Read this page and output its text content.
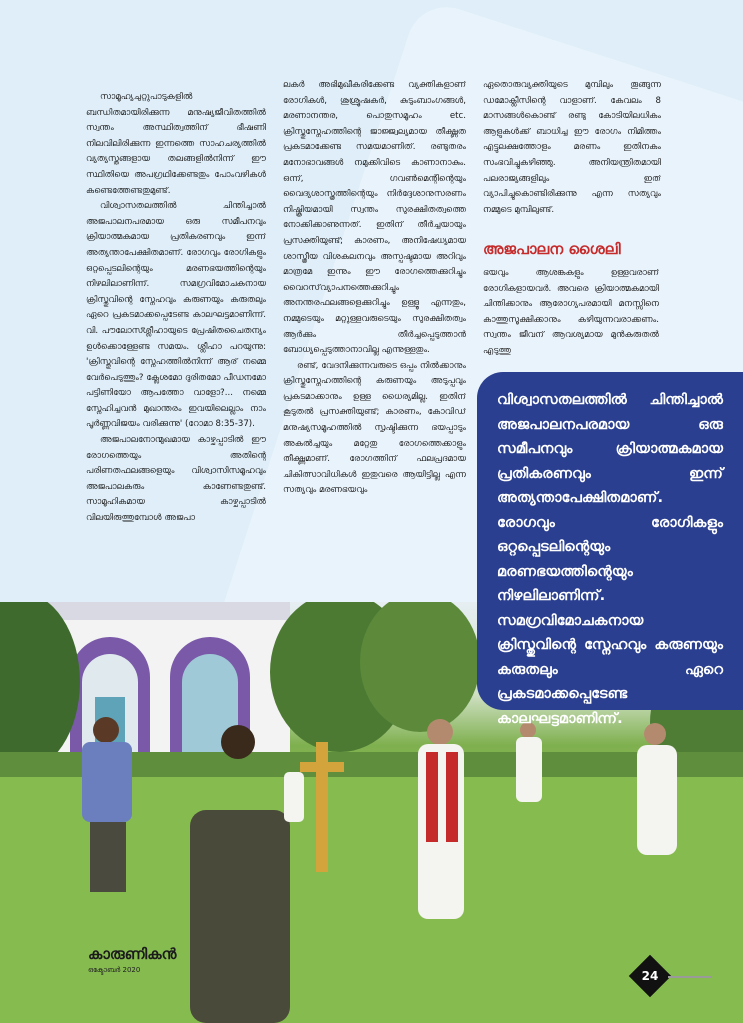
സാമൂഹ്യചുറ്റുപാടുകളില്‍ ബന്ധിതമായിരിക്കുന്ന മനുഷ്യജീവിതത്തില്‍ സ്വന്തം അസ്ഥിത്വത്തിന് ഭീഷണി നിലവിലിരിക്കുന്ന ഇന്നത്തെ സാഹചര്യത്തില്‍ വ്യത്യസ്തങ്ങളായ തലങ്ങളില്‍നിന്ന് ഈ സ്ഥിതിയെ അപഗ്രഥിക്കേണ്ടതും പോംവഴികള്‍ കണ്ടെത്തേണ്ടതുമുണ്ട്.

വിശ്വാസതലത്തില്‍ ചിന്തിച്ചാല്‍ അജപാലനപരമായ ഒരു സമീപനവും ക്രിയാത്മകമായ പ്രതികരണവും ഇന്ന് അത്യന്താപേക്ഷിതമാണ്. രോഗവും രോഗികളും ഒറ്റപ്പെടലിന്റെയും മരണഭയത്തിന്റെയും നിഴലിലാണിന്ന്. സമഗ്രവിമോചകനായ ക്രിസ്തുവിന്റെ സ്നേഹവും കരുണയും കരുതലും ഏറെ പ്രകടമാക്കപ്പെടേണ്ട കാലഘട്ടമാണിന്ന്. വി. പൗലോസ്ശ്ലീഹായുടെ പ്രേഷിതചൈതന്യം ഉള്‍ക്കൊള്ളേണ്ട സമയം. ശ്ലീഹാ പറയുന്നു: 'ക്രിസ്തുവിന്റെ സ്നേഹത്തില്‍നിന്ന് ആര് നമ്മെ വേര്‍പെടുത്തും? ക്ലേശമോ ദുരിതമോ പീഡനമോ പട്ടിണിയോ ആപത്തോ വാളോ?... നമ്മെ സ്നേഹിച്ചവന്‍ മുഖാന്തരം ഇവയിലെല്ലാം നാം പൂര്‍ണ്ണവിജയം വരിക്കുന്നു' (റോമാ 8:35-37).

അജപാലനോന്മുഖമായ കാഴ്ചപ്പാടില്‍ ഈ രോഗത്തെയും അതിന്റെ പരിണതഫലങ്ങളെയും വിശ്വാസിസമൂഹവും അജപാലകരും കാണേണ്ടതുണ്ട്. സാമൂഹികമായ കാഴ്ചപ്പാടില്‍ വിലയിരുത്തുമ്പോള്‍ അജപാ

ലകര്‍ അഭിമുഖീകരിക്കേണ്ട വ്യക്തികളാണ് രോഗികള്‍, ശുശ്രൂഷകര്‍, കുടുംബാംഗങ്ങള്‍, മരണാനന്തര, പൊതുസമൂഹം etc. ക്രിസ്തുസ്നേഹത്തിന്റെ ജാജ്ജ്വല്യമായ തീക്ഷ്ണത പ്രകടമാക്കേണ്ട സമയമാണിത്. രണ്ടുതരം മനോഭാവങ്ങള്‍ നമുക്കിവിടെ കാണാനാകും. ഒന്ന്, ഗവണ്‍മെന്റിന്റെയും വൈദ്യശാസ്ത്രത്തിന്റെയും നിര്‍ദ്ദേശാനുസരണം നിഷ്ക്രിയമായി സ്വന്തം സുരക്ഷിതത്വത്തെ നോക്കിക്കാണുന്നത്. ഇതിന് തീര്‍ച്ചയായും പ്രസക്തിയുണ്ട്; കാരണം, അനിഷേധ്യമായ ശാസ്ത്രീയ വിശകലനവും അസ്പഷ്ടമായ അറിവും മാത്രമേ ഇന്നും ഈ രോഗത്തെക്കുറിച്ചും വൈറസ്‌വ്യാപനത്തെക്കുറിച്ചും അനന്തരഫലങ്ങളെക്കുറിച്ചും ഉള്ളൂ എന്നതും, നമ്മുടെയും മറ്റുള്ളവരുടെയും സുരക്ഷിതത്വം ആര്‍ക്കും തീര്‍ച്ചപ്പെടുത്താന്‍ ബോധ്യപ്പെടുത്താനാവില്ല എന്നുള്ളതും.

രണ്ട്, വേദനിക്കുന്നവരുടെ ഒപ്പം നില്‍ക്കാനും ക്രിസ്തുസ്നേഹത്തിന്റെ കരുണയും അടുപ്പവും പ്രകടമാക്കാനും ഉള്ള ധൈര്യമില്ല. ഇതിന് കൂടുതല്‍ പ്രസക്തിയുണ്ട്; കാരണം, കോവിഡ് മനുഷ്യസമൂഹത്തില്‍ സൃഷ്ടിക്കുന്ന ഭയപ്പാടും അകല്‍ച്ചയും മറ്റേതു രോഗത്തെക്കാളും തീക്ഷ്ണമാണ്. രോഗത്തിന് ഫലപ്രദമായ ചികിത്സാവിധികള്‍ ഇതുവരെ ആയിട്ടില്ല എന്ന സത്യവും മരണഭയവും

ഏതൊരുവ്യക്തിയുടെ മുമ്പിലും തൂങ്ങുന്ന ഡമോക്ലീസിന്റെ വാളാണ്. കേവലം 8 മാസങ്ങള്‍കൊണ്ട് രണ്ടു കോടിയിലധികം ആളുകള്‍ക്ക് ബാധിച്ച ഈ രോഗം നിമിത്തം എട്ടുലക്ഷത്തോളം മരണം ഇതിനകം സംഭവിച്ചുകഴിഞ്ഞു. അനിയന്ത്രിതമായി പലരാജ്യങ്ങളിലും ഇത് വ്യാപിച്ചുകൊണ്ടിരിക്കുന്നു എന്ന സത്യവും നമ്മുടെ മുമ്പിലുണ്ട്.

അജപാലന ശൈലി

ഭയവും ആശങ്കകളും ഉള്ളവരാണ് രോഗികളായവര്‍. അവരെ ക്രിയാത്മകമായി ചിന്തിക്കാനും ആരോഗ്യപരമായി മനസ്സിനെ കാത്തുസൂക്ഷിക്കാനും കഴിയുന്നവരാക്കണം. സ്വന്തം ജീവന് ആവശ്യമായ മുന്‍കരുതല്‍ എടുത്തു

വിശ്വാസതലത്തില്‍ ചിന്തിച്ചാല്‍ അജപാലനപരമായ ഒരു സമീപനവും ക്രിയാത്മകമായ പ്രതികരണവും ഇന്ന് അത്യന്താപേക്ഷിതമാണ്. രോഗവും രോഗികളും ഒറ്റപ്പെടലിന്റെയും മരണഭയത്തിന്റെയും നിഴലിലാണിന്ന്. സമഗ്രവിമോചകനായ ക്രിസ്തുവിന്റെ സ്നേഹവും കരുണയും കരുതലും ഏറെ പ്രകടമാക്കപ്പെടേണ്ട കാലഘട്ടമാണിന്ന്.
കാരുണികന്‍
ഒക്ടോബര്‍ 2020	24
